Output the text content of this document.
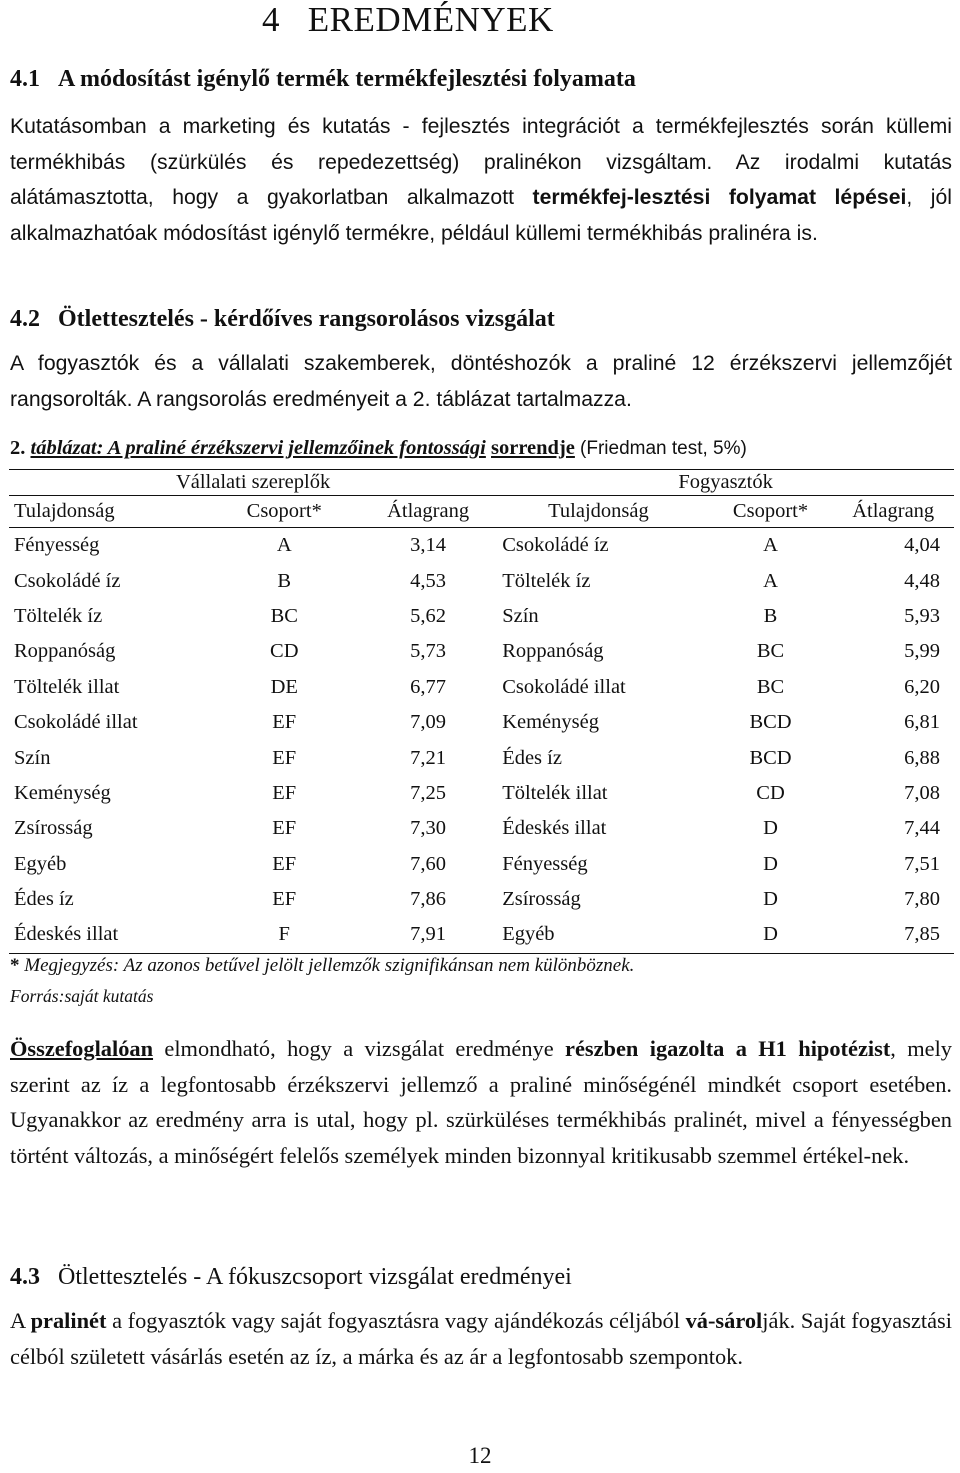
4 EREDMÉNYEK
4.1 A módosítást igénylő termék termékfejlesztési folyamata

Kutatásomban a marketing és kutatás - fejlesztés integrációt a termékfejlesztés során küllemi termékhibás (szürkülés és repedezettség) pralinékon vizsgáltam. Az irodalmi kutatás alátámasztotta, hogy a gyakorlatban alkalmazott termékfej-lesztési folyamat lépései, jól alkalmazhatóak módosítást igénylő termékre, például küllemi termékhibás pralinéra is.

4.2 Ötlettesztelés - kérdőíves rangsorolásos vizsgálat

A fogyasztók és a vállalati szakemberek, döntéshozók a praliné 12 érzékszervi jellemzőjét rangsorolták. A rangsorolás eredményeit a 2. táblázat tartalmazza.

2. táblázat: A praliné érzékszervi jellemzőinek fontossági sorrendje (Friedman test, 5%)
Vállalati szereplők			Fogyasztók		
Tulajdonság	Csoport*	Átlagrang	Tulajdonság	Csoport*	Átlagrang
Fényesség	A	3,14	Csokoládé íz	A	4,04
Csokoládé íz	B	4,53	Töltelék íz	A	4,48
Töltelék íz	BC	5,62	Szín	B	5,93
Roppanóság	CD	5,73	Roppanóság	BC	5,99
Töltelék illat	DE	6,77	Csokoládé illat	BC	6,20
Csokoládé illat	EF	7,09	Keménység	BCD	6,81
Szín	EF	7,21	Édes íz	BCD	6,88
Keménység	EF	7,25	Töltelék illat	CD	7,08
Zsírosság	EF	7,30	Édeskés illat	D	7,44
Egyéb	EF	7,60	Fényesség	D	7,51
Édes íz	EF	7,86	Zsírosság	D	7,80
Édeskés illat	F	7,91	Egyéb	D	7,85
* Megjegyzés: Az azonos betűvel jelölt jellemzők szignifikánsan nem különböznek.
Forrás:saját kutatás

Összefoglalóan elmondható, hogy a vizsgálat eredménye részben igazolta a H1 hipotézist, mely szerint az íz a legfontosabb érzékszervi jellemző a praliné minőségénél mindkét csoport esetében. Ugyanakkor az eredmény arra is utal, hogy pl. szürküléses termékhibás pralinét, mivel a fényességben történt változás, a minőségért felelős személyek minden bizonnyal kritikusabb szemmel értékel-nek.

4.3 Ötlettesztelés - A fókuszcsoport vizsgálat eredményei

A pralinét a fogyasztók vagy saját fogyasztásra vagy ajándékozás céljából vá-sárolják. Saját fogyasztási célból született vásárlás esetén az íz, a márka és az ár a legfontosabb szempontok.

12
